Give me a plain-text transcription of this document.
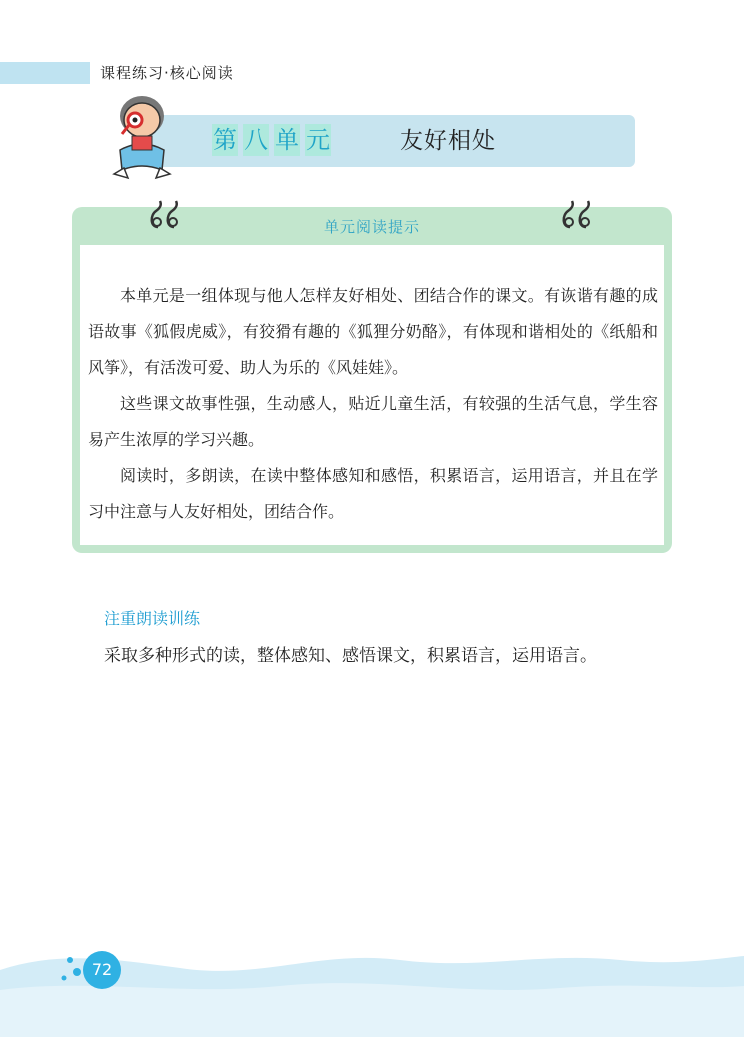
课程练习·核心阅读
第 八 单 元	友好相处
单元阅读提示

本单元是一组体现与他人怎样友好相处、团结合作的课文。有诙谐有趣的成语故事《狐假虎威》，有狡猾有趣的《狐狸分奶酪》，有体现和谐相处的《纸船和风筝》，有活泼可爱、助人为乐的《风娃娃》。

这些课文故事性强，生动感人，贴近儿童生活，有较强的生活气息，学生容易产生浓厚的学习兴趣。

阅读时，多朗读，在读中整体感知和感悟，积累语言，运用语言，并且在学习中注意与人友好相处，团结合作。

注重朗读训练
采取多种形式的读，整体感知、感悟课文，积累语言，运用语言。
72
